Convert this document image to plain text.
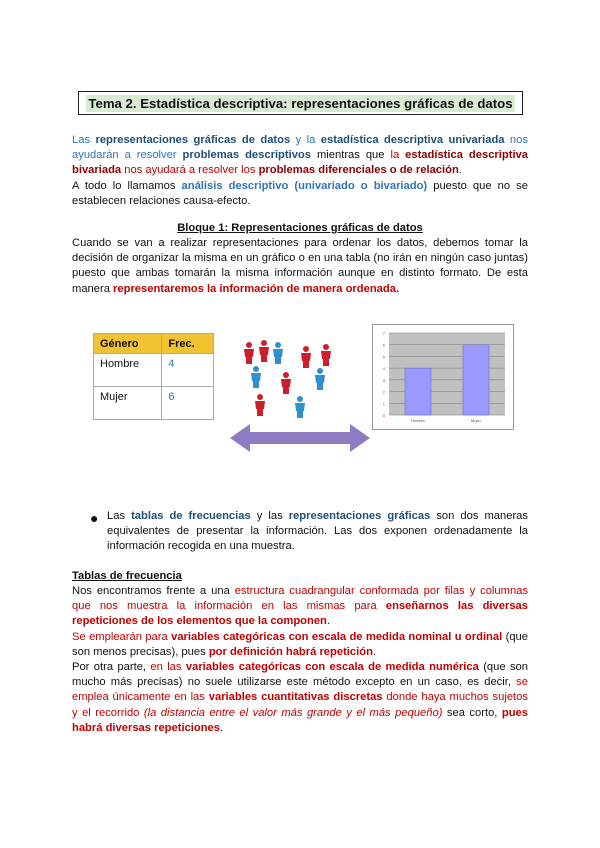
Tema 2. Estadística descriptiva: representaciones gráficas de datos
Las representaciones gráficas de datos y la estadística descriptiva univariada nos ayudarán a resolver problemas descriptivos mientras que la estadística descriptiva bivariada nos ayudará a resolver los problemas diferenciales o de relación.
A todo lo llamamos análisis descriptivo (univariado o bivariado) puesto que no se establecen relaciones causa-efecto.
Bloque 1: Representaciones gráficas de datos
Cuando se van a realizar representaciones para ordenar los datos, debemos tomar la decisión de organizar la misma en un gráfico o en una tabla (no irán en ningún caso juntas) puesto que ambas tomarán la misma información aunque en distinto formato. De esta manera representaremos la información de manera ordenada.
Género	Frec.
Hombre	4
Mujer	6
0
1
2
3
4
5
6
7
Hombre	Mujer
● Las tablas de frecuencias y las representaciones gráficas son dos maneras equivalentes de presentar la información. Las dos exponen ordenadamente la información recogida en una muestra.
Tablas de frecuencia
Nos encontramos frente a una estructura cuadrangular conformada por filas y columnas que nos muestra la información en las mismas para enseñarnos las diversas repeticiones de los elementos que la componen.
Se emplearán para variables categóricas con escala de medida nominal u ordinal (que son menos precisas), pues por definición habrá repetición.
Por otra parte, en las variables categóricas con escala de medida numérica (que son mucho más precisas) no suele utilizarse este método excepto en un caso, es decir, se emplea únicamente en las variables cuantitativas discretas donde haya muchos sujetos y el recorrido (la distancia entre el valor más grande y el más pequeño) sea corto, pues habrá diversas repeticiones.
